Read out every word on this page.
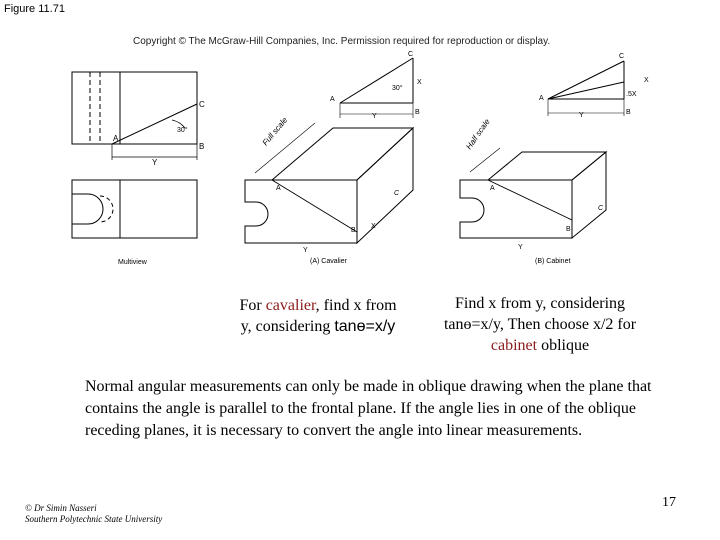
Figure 11.71
Copyright © The McGraw-Hill Companies, Inc. Permission required for reproduction or display.
Multiview	(A) Cavalier	(B) Cabinet
Full scale	Half scale
A
C
B
30°
Y
A
C
B
X
30°
Y
A
B
C
Y
X
A
C
B
X
.5X
Y
A
B
C
Y
For cavalier, find x from y, considering tanɵ=x/y
Find x from y, considering tanɵ=x/y, Then choose x/2 for cabinet oblique
Normal angular measurements can only be made in oblique drawing when the plane that contains the angle is parallel to the frontal plane. If the angle lies in one of the oblique receding planes, it is necessary to convert the angle into linear measurements.
© Dr Simin Nasseri
Southern Polytechnic State University
17
